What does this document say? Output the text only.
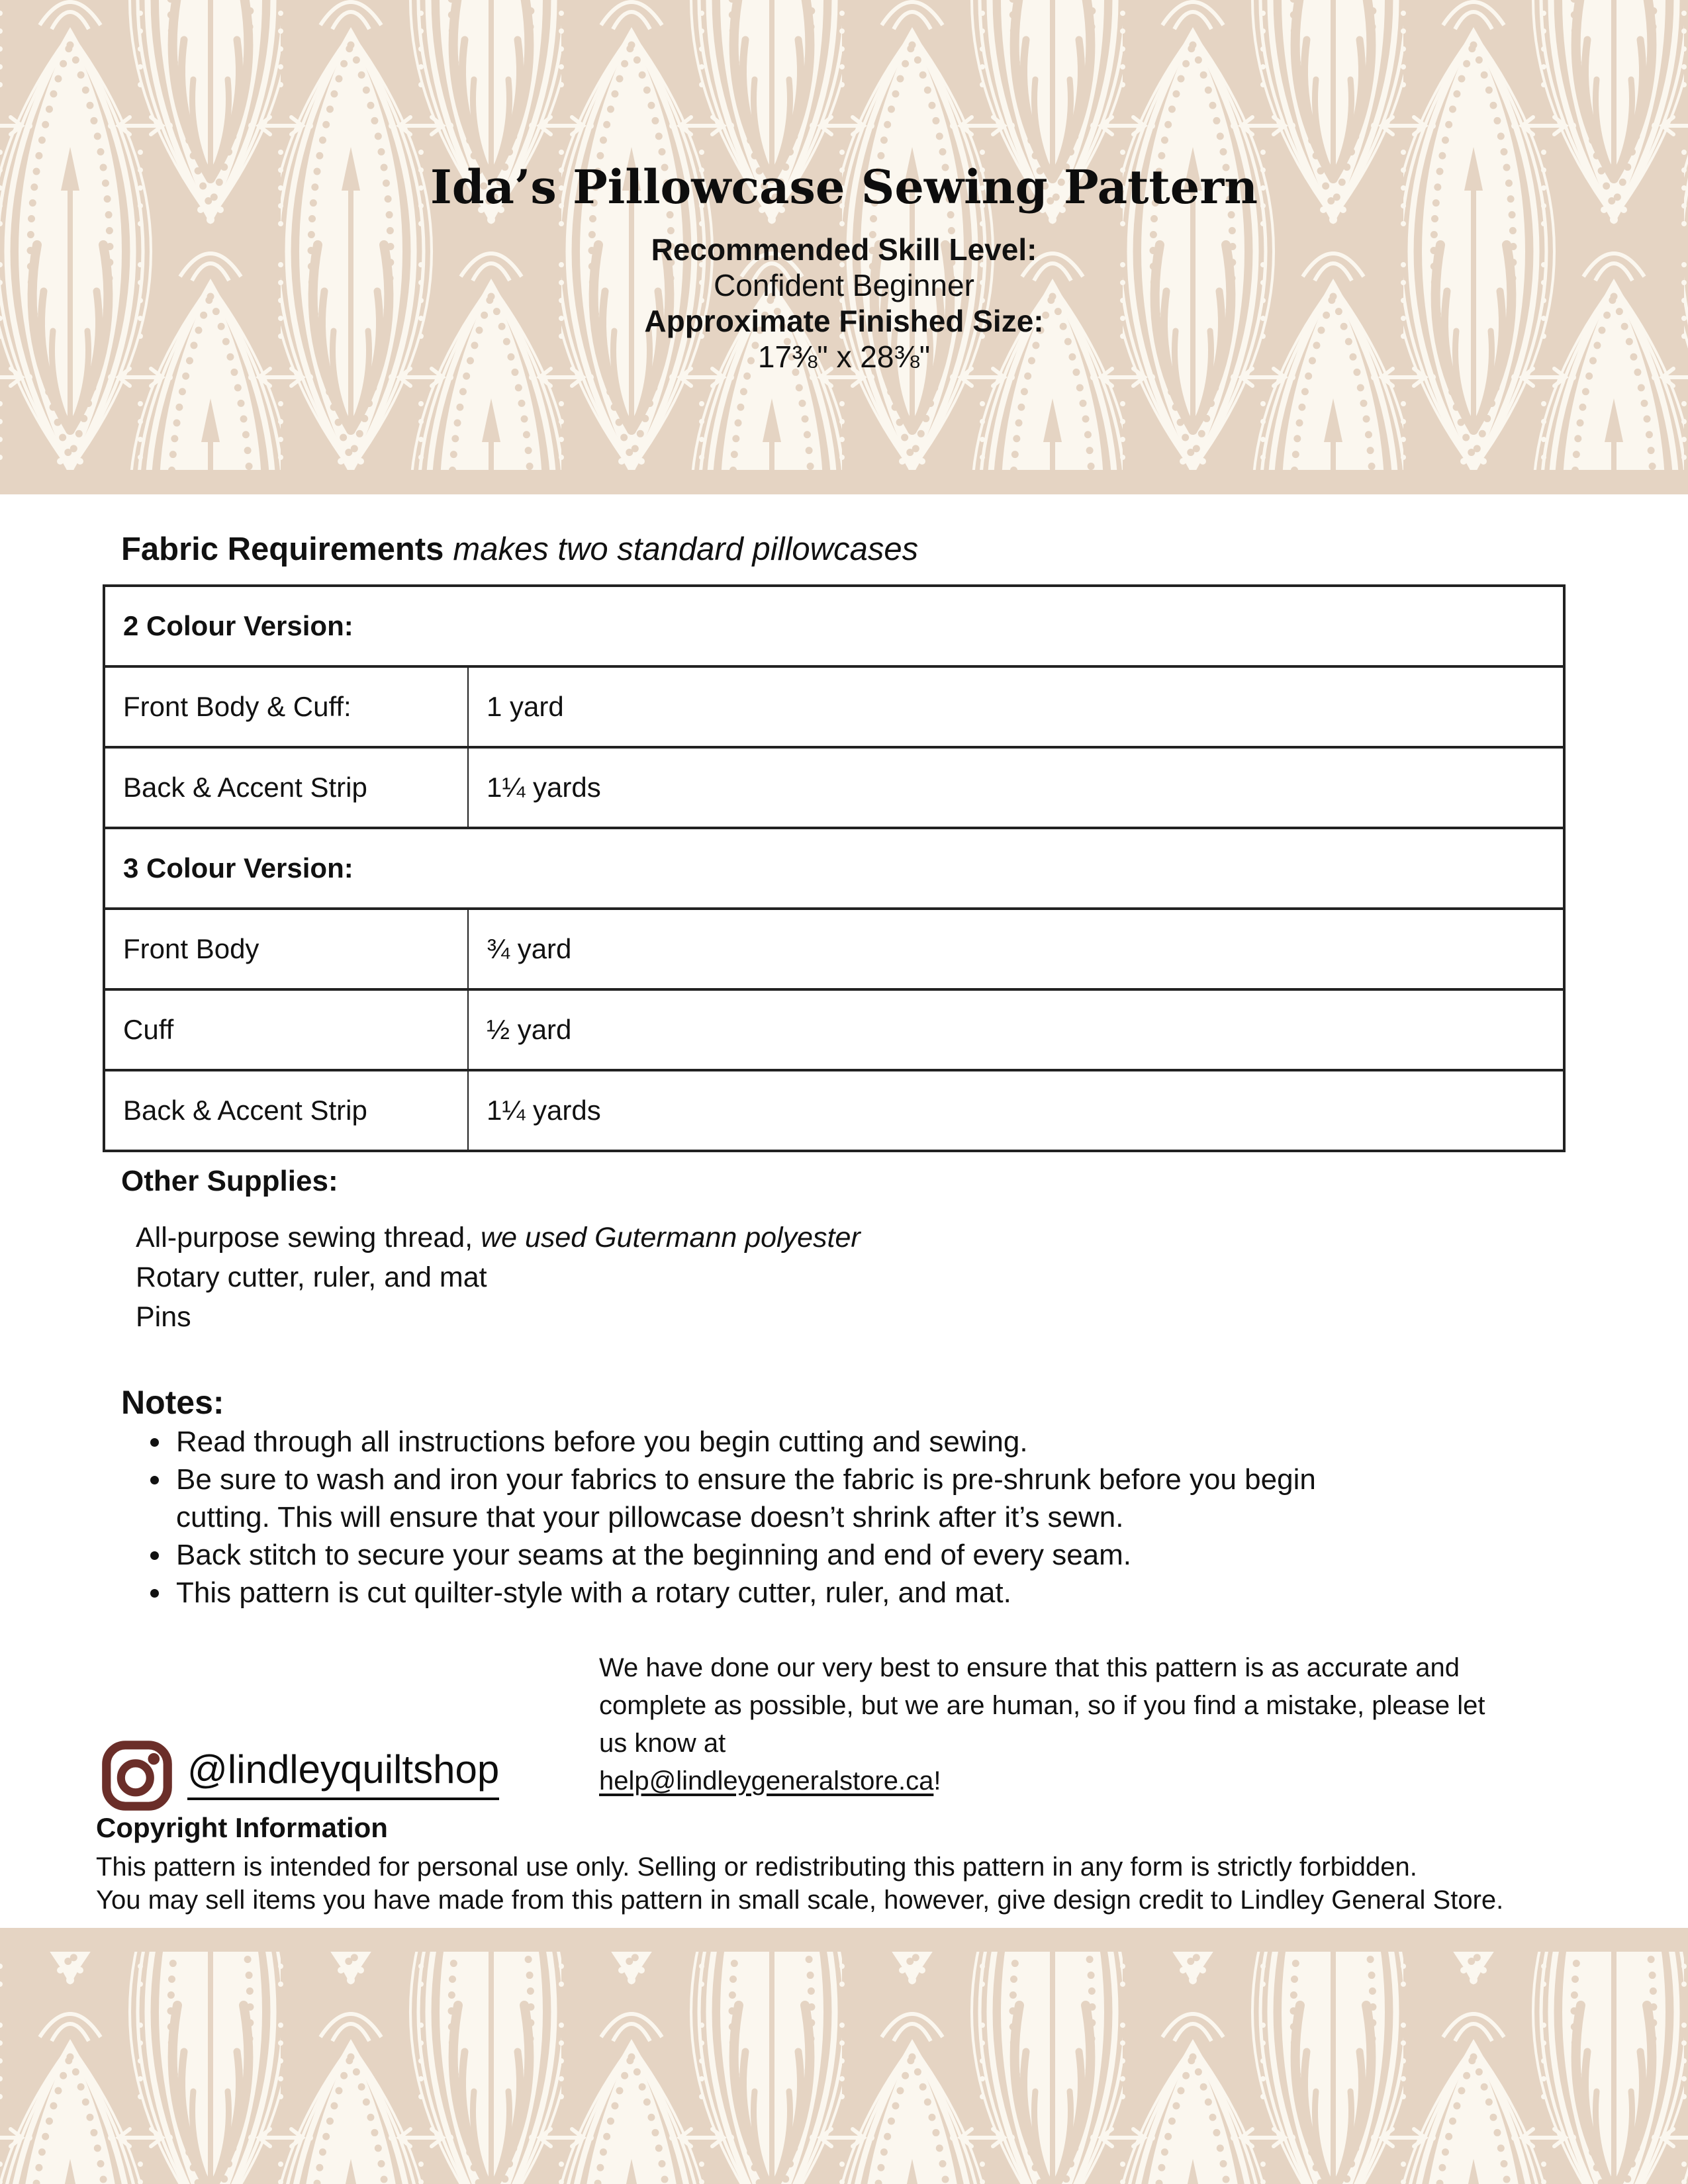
Ida’s Pillowcase Sewing Pattern
Recommended Skill Level:
Confident Beginner
Approximate Finished Size:
17⅜" x 28⅜"
Fabric Requirements makes two standard pillowcases
2 Colour Version:	
Front Body & Cuff:	1 yard
Back & Accent Strip	1¼ yards
3 Colour Version:	
Front Body	¾ yard
Cuff	½ yard
Back & Accent Strip	1¼ yards
Other Supplies:
All-purpose sewing thread, we used Gutermann polyester
Rotary cutter, ruler, and mat
Pins
Notes:
• Read through all instructions before you begin cutting and sewing.
• Be sure to wash and iron your fabrics to ensure the fabric is pre-shrunk before you begin cutting. This will ensure that your pillowcase doesn’t shrink after it’s sewn.
• Back stitch to secure your seams at the beginning and end of every seam.
• This pattern is cut quilter-style with a rotary cutter, ruler, and mat.
We have done our very best to ensure that this pattern is as accurate and complete as possible, but we are human, so if you find a mistake, please let us know at
help@lindleygeneralstore.ca!
@lindleyquiltshop
Copyright Information
This pattern is intended for personal use only. Selling or redistributing this pattern in any form is strictly forbidden.
You may sell items you have made from this pattern in small scale, however, give design credit to Lindley General Store.
